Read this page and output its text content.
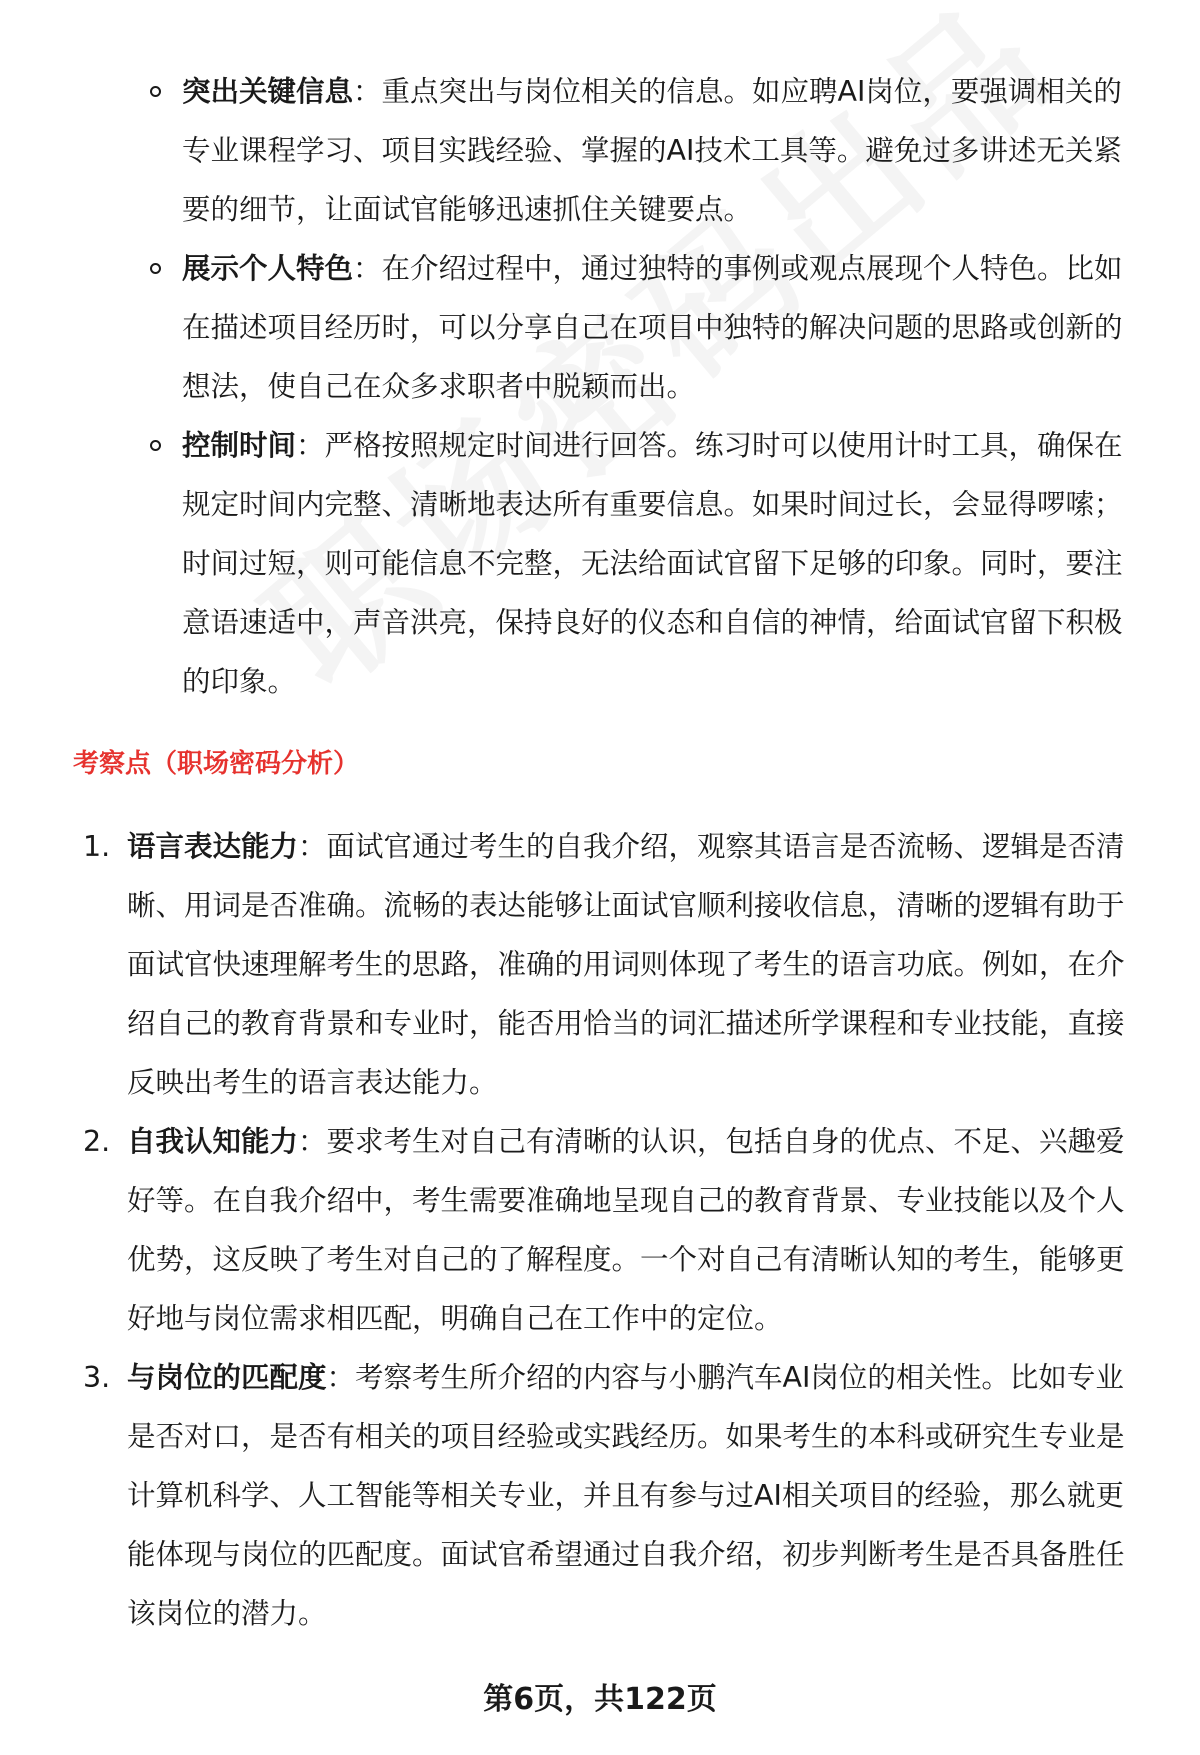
突出关键信息：重点突出与岗位相关的信息。如应聘AI岗位，要强调相关的专业课程学习、项目实践经验、掌握的AI技术工具等。避免过多讲述无关紧要的细节，让面试官能够迅速抓住关键要点。
展示个人特色：在介绍过程中，通过独特的事例或观点展现个人特色。比如在描述项目经历时，可以分享自己在项目中独特的解决问题的思路或创新的想法，使自己在众多求职者中脱颖而出。
控制时间：严格按照规定时间进行回答。练习时可以使用计时工具，确保在规定时间内完整、清晰地表达所有重要信息。如果时间过长，会显得啰嗦；时间过短，则可能信息不完整，无法给面试官留下足够的印象。同时，要注意语速适中，声音洪亮，保持良好的仪态和自信的神情，给面试官留下积极的印象。
考察点（职场密码分析）
1. 语言表达能力：面试官通过考生的自我介绍，观察其语言是否流畅、逻辑是否清晰、用词是否准确。流畅的表达能够让面试官顺利接收信息，清晰的逻辑有助于面试官快速理解考生的思路，准确的用词则体现了考生的语言功底。例如，在介绍自己的教育背景和专业时，能否用恰当的词汇描述所学课程和专业技能，直接反映出考生的语言表达能力。
2. 自我认知能力：要求考生对自己有清晰的认识，包括自身的优点、不足、兴趣爱好等。在自我介绍中，考生需要准确地呈现自己的教育背景、专业技能以及个人优势，这反映了考生对自己的了解程度。一个对自己有清晰认知的考生，能够更好地与岗位需求相匹配，明确自己在工作中的定位。
3. 与岗位的匹配度：考察考生所介绍的内容与小鹏汽车AI岗位的相关性。比如专业是否对口，是否有相关的项目经验或实践经历。如果考生的本科或研究生专业是计算机科学、人工智能等相关专业，并且有参与过AI相关项目的经验，那么就更能体现与岗位的匹配度。面试官希望通过自我介绍，初步判断考生是否具备胜任该岗位的潜力。
第6页，共122页
